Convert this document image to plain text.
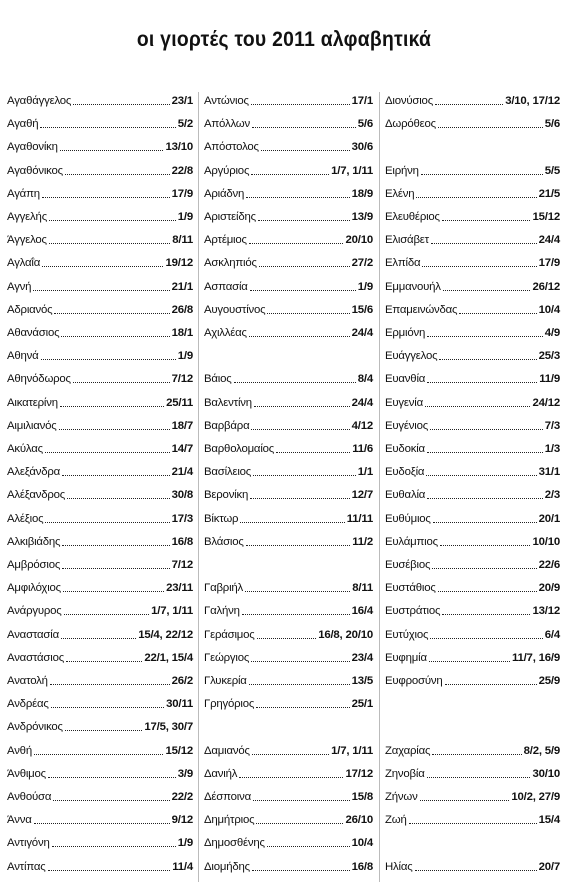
οι γιορτές του 2011 αλφαβητικά
Αγαθάγγελος	23/1
Αγαθή	5/2
Αγαθονίκη	13/10
Αγαθόνικος	22/8
Αγάπη	17/9
Αγγελής	1/9
Άγγελος	8/11
Αγλαΐα	19/12
Αγνή	21/1
Αδριανός	26/8
Αθανάσιος	18/1
Αθηνά	1/9
Αθηνόδωρος	7/12
Αικατερίνη	25/11
Αιμιλιανός	18/7
Ακύλας	14/7
Αλεξάνδρα	21/4
Αλέξανδρος	30/8
Αλέξιος	17/3
Αλκιβιάδης	16/8
Αμβρόσιος	7/12
Αμφιλόχιος	23/11
Ανάργυρος	1/7, 1/11
Αναστασία	15/4, 22/12
Αναστάσιος	22/1, 15/4
Ανατολή	26/2
Ανδρέας	30/11
Ανδρόνικος	17/5, 30/7
Ανθή	15/12
Άνθιμος	3/9
Ανθούσα	22/2
Άννα	9/12
Αντιγόνη	1/9
Αντίπας	11/4
Αντώνιος	17/1
Απόλλων	5/6
Απόστολος	30/6
Αργύριος	1/7, 1/11
Αριάδνη	18/9
Αριστείδης	13/9
Αρτέμιος	20/10
Ασκληπιός	27/2
Ασπασία	1/9
Αυγουστίνος	15/6
Αχιλλέας	24/4
Βάιος	8/4
Βαλεντίνη	24/4
Βαρβάρα	4/12
Βαρθολομαίος	11/6
Βασίλειος	1/1
Βερονίκη	12/7
Βίκτωρ	11/11
Βλάσιος	11/2
Γαβριήλ	8/11
Γαλήνη	16/4
Γεράσιμος	16/8, 20/10
Γεώργιος	23/4
Γλυκερία	13/5
Γρηγόριος	25/1
Δαμιανός	1/7, 1/11
Δανιήλ	17/12
Δέσποινα	15/8
Δημήτριος	26/10
Δημοσθένης	10/4
Διομήδης	16/8
Διονύσιος	3/10, 17/12
Δωρόθεος	5/6
Ειρήνη	5/5
Ελένη	21/5
Ελευθέριος	15/12
Ελισάβετ	24/4
Ελπίδα	17/9
Εμμανουήλ	26/12
Επαμεινώνδας	10/4
Ερμιόνη	4/9
Ευάγγελος	25/3
Ευανθία	11/9
Ευγενία	24/12
Ευγένιος	7/3
Ευδοκία	1/3
Ευδοξία	31/1
Ευθαλία	2/3
Ευθύμιος	20/1
Ευλάμπιος	10/10
Ευσέβιος	22/6
Ευστάθιος	20/9
Ευστράτιος	13/12
Ευτύχιος	6/4
Ευφημία	11/7, 16/9
Ευφροσύνη	25/9
Ζαχαρίας	8/2, 5/9
Ζηνοβία	30/10
Ζήνων	10/2, 27/9
Ζωή	15/4
Ηλίας	20/7
